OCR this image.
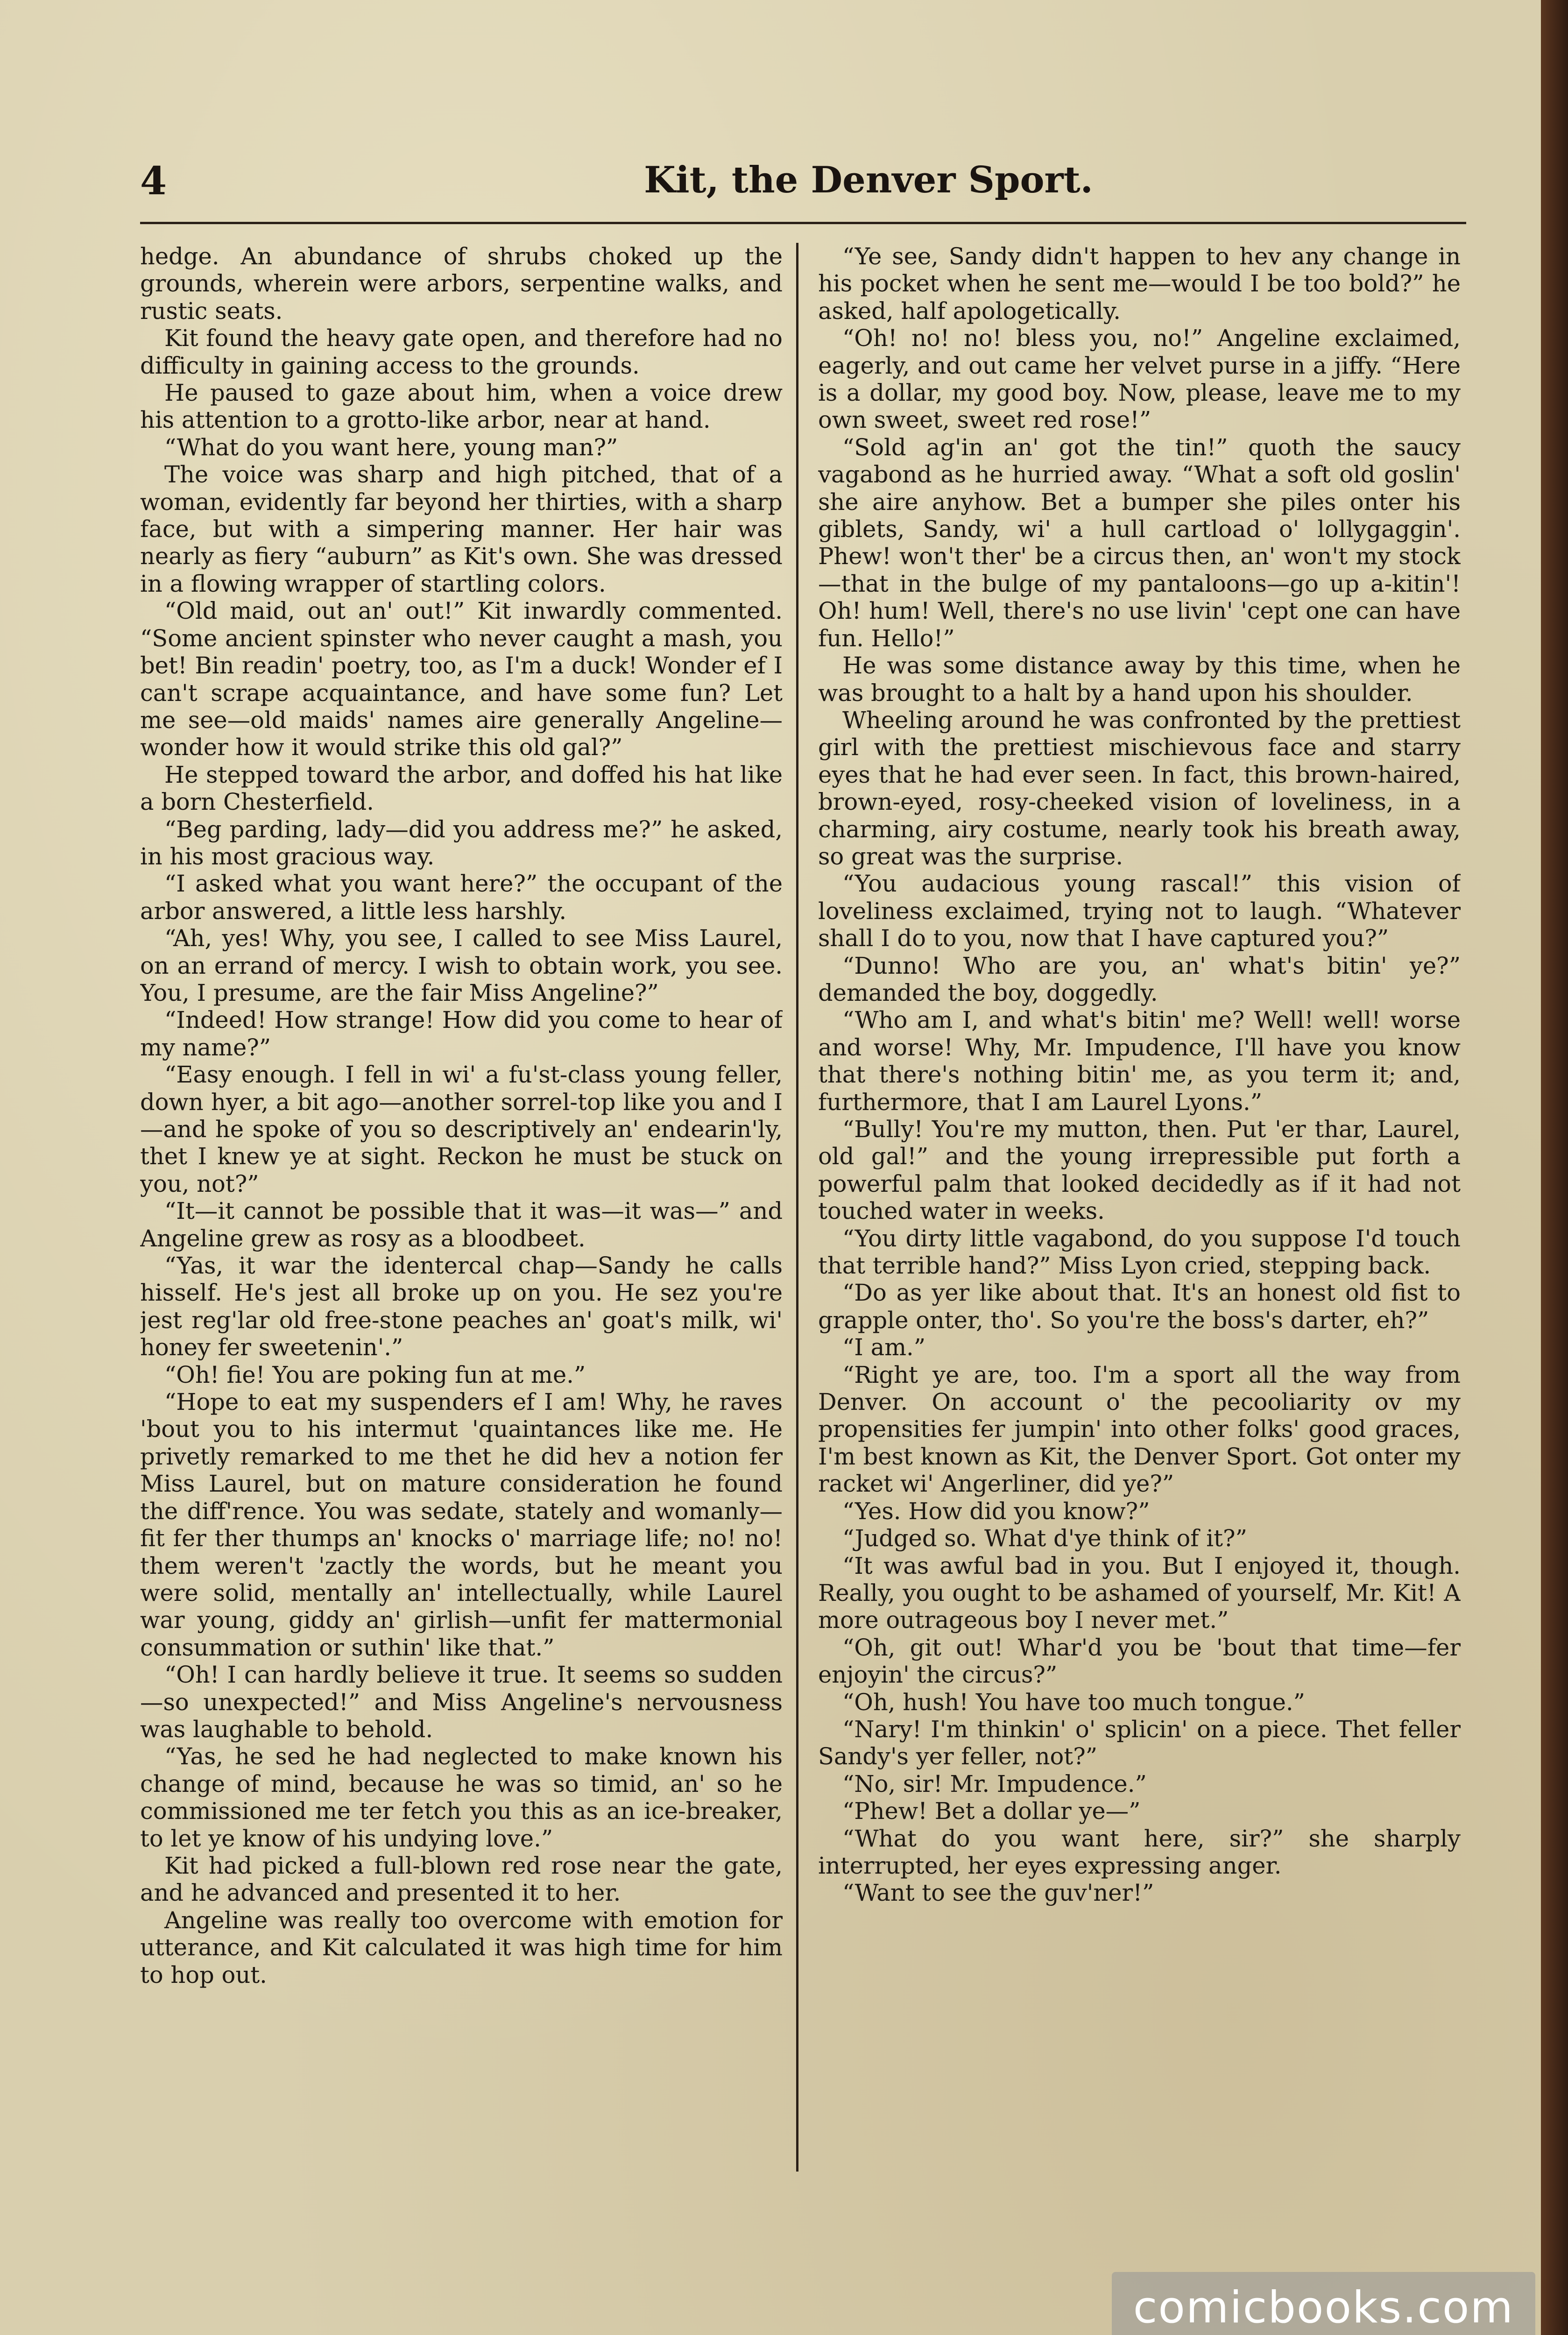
4	Kit, the Denver Sport.

hedge. An abundance of shrubs choked up the grounds, wherein were arbors, serpentine walks, and rustic seats.

Kit found the heavy gate open, and therefore had no difficulty in gaining access to the grounds.

He paused to gaze about him, when a voice drew his attention to a grotto-like arbor, near at hand.

“What do you want here, young man?”

The voice was sharp and high pitched, that of a woman, evidently far beyond her thirties, with a sharp face, but with a simpering manner. Her hair was nearly as fiery “auburn” as Kit's own. She was dressed in a flowing wrapper of startling colors.

“Old maid, out an' out!” Kit inwardly commented. “Some ancient spinster who never caught a mash, you bet! Bin readin' poetry, too, as I'm a duck! Wonder ef I can't scrape acquaintance, and have some fun? Let me see—old maids' names aire generally Angeline—wonder how it would strike this old gal?”

He stepped toward the arbor, and doffed his hat like a born Chesterfield.

“Beg parding, lady—did you address me?” he asked, in his most gracious way.

“I asked what you want here?” the occupant of the arbor answered, a little less harshly.

“Ah, yes! Why, you see, I called to see Miss Laurel, on an errand of mercy. I wish to obtain work, you see. You, I presume, are the fair Miss Angeline?”

“Indeed! How strange! How did you come to hear of my name?”

“Easy enough. I fell in wi' a fu'st-class young feller, down hyer, a bit ago—another sorrel-top like you and I—and he spoke of you so descriptively an' endearin'ly, thet I knew ye at sight. Reckon he must be stuck on you, not?”

“It—it cannot be possible that it was—it was—” and Angeline grew as rosy as a bloodbeet.

“Yas, it war the identercal chap—Sandy he calls hisself. He's jest all broke up on you. He sez you're jest reg'lar old free-stone peaches an' goat's milk, wi' honey fer sweetenin'.”

“Oh! fie! You are poking fun at me.”

“Hope to eat my suspenders ef I am! Why, he raves 'bout you to his intermut 'quaintances like me. He privetly remarked to me thet he did hev a notion fer Miss Laurel, but on mature consideration he found the diff'rence. You was sedate, stately and womanly—fit fer ther thumps an' knocks o' marriage life; no! no! them weren't 'zactly the words, but he meant you were solid, mentally an' intellectually, while Laurel war young, giddy an' girlish—unfit fer mattermonial consummation or suthin' like that.”

“Oh! I can hardly believe it true. It seems so sudden—so unexpected!” and Miss Angeline's nervousness was laughable to behold.

“Yas, he sed he had neglected to make known his change of mind, because he was so timid, an' so he commissioned me ter fetch you this as an ice-breaker, to let ye know of his undying love.”

Kit had picked a full-blown red rose near the gate, and he advanced and presented it to her.

Angeline was really too overcome with emotion for utterance, and Kit calculated it was high time for him to hop out.

“Ye see, Sandy didn't happen to hev any change in his pocket when he sent me—would I be too bold?” he asked, half apologetically.

“Oh! no! no! bless you, no!” Angeline exclaimed, eagerly, and out came her velvet purse in a jiffy. “Here is a dollar, my good boy. Now, please, leave me to my own sweet, sweet red rose!”

“Sold ag'in an' got the tin!” quoth the saucy vagabond as he hurried away. “What a soft old goslin' she aire anyhow. Bet a bumper she piles onter his giblets, Sandy, wi' a hull cartload o' lollygaggin'. Phew! won't ther' be a circus then, an' won't my stock—that in the bulge of my pantaloons—go up a-kitin'! Oh! hum! Well, there's no use livin' 'cept one can have fun. Hello!”

He was some distance away by this time, when he was brought to a halt by a hand upon his shoulder.

Wheeling around he was confronted by the prettiest girl with the prettiest mischievous face and starry eyes that he had ever seen. In fact, this brown-haired, brown-eyed, rosy-cheeked vision of loveliness, in a charming, airy costume, nearly took his breath away, so great was the surprise.

“You audacious young rascal!” this vision of loveliness exclaimed, trying not to laugh. “Whatever shall I do to you, now that I have captured you?”

“Dunno! Who are you, an' what's bitin' ye?” demanded the boy, doggedly.

“Who am I, and what's bitin' me? Well! well! worse and worse! Why, Mr. Impudence, I'll have you know that there's nothing bitin' me, as you term it; and, furthermore, that I am Laurel Lyons.”

“Bully! You're my mutton, then. Put 'er thar, Laurel, old gal!” and the young irrepressible put forth a powerful palm that looked decidedly as if it had not touched water in weeks.

“You dirty little vagabond, do you suppose I'd touch that terrible hand?” Miss Lyon cried, stepping back.

“Do as yer like about that. It's an honest old fist to grapple onter, tho'. So you're the boss's darter, eh?”

“I am.”

“Right ye are, too. I'm a sport all the way from Denver. On account o' the pecooliarity ov my propensities fer jumpin' into other folks' good graces, I'm best known as Kit, the Denver Sport. Got onter my racket wi' Angerliner, did ye?”

“Yes. How did you know?”

“Judged so. What d'ye think of it?”

“It was awful bad in you. But I enjoyed it, though. Really, you ought to be ashamed of yourself, Mr. Kit! A more outrageous boy I never met.”

“Oh, git out! Whar'd you be 'bout that time—fer enjoyin' the circus?”

“Oh, hush! You have too much tongue.”

“Nary! I'm thinkin' o' splicin' on a piece. Thet feller Sandy's yer feller, not?”

“No, sir! Mr. Impudence.”

“Phew! Bet a dollar ye—”

“What do you want here, sir?” she sharply interrupted, her eyes expressing anger.

“Want to see the guv'ner!”

comicbooks.com
